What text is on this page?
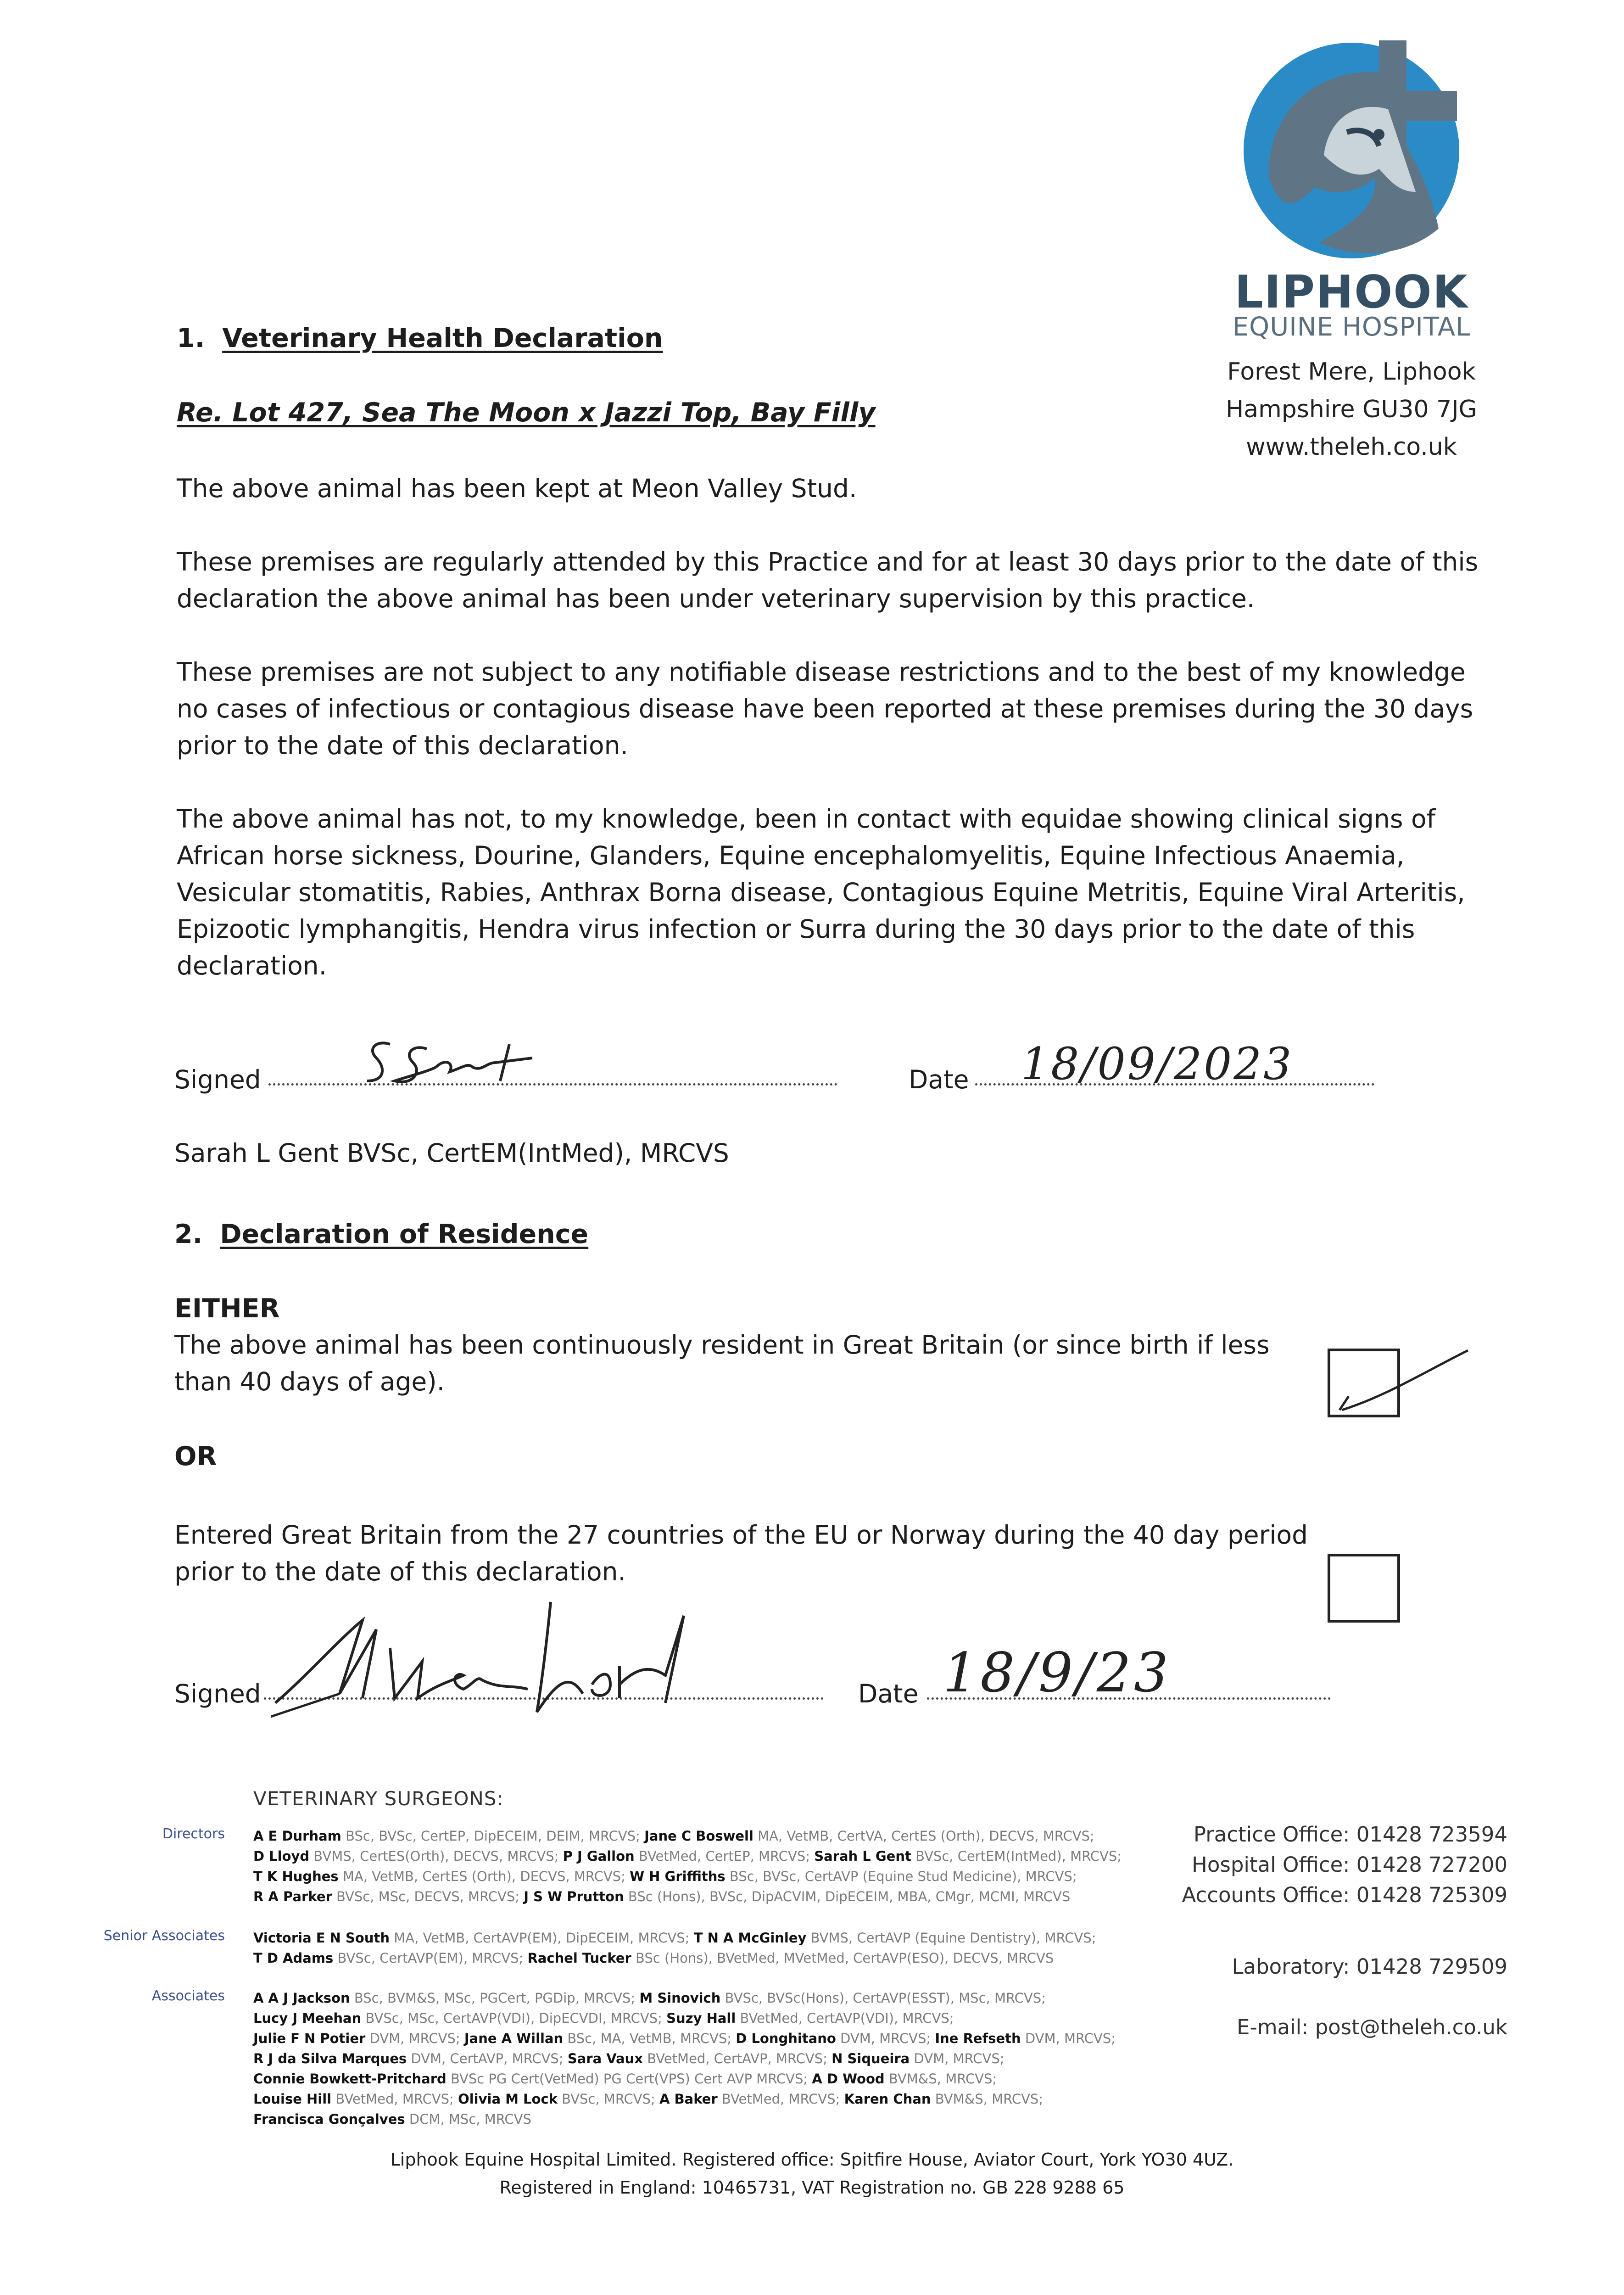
LIPHOOK
EQUINE HOSPITAL
Forest Mere, Liphook
Hampshire GU30 7JG
www.theleh.co.uk
1. Veterinary Health Declaration
Re. Lot 427, Sea The Moon x Jazzi Top, Bay Filly
The above animal has been kept at Meon Valley Stud.
These premises are regularly attended by this Practice and for at least 30 days prior to the date of this declaration the above animal has been under veterinary supervision by this practice.
These premises are not subject to any notifiable disease restrictions and to the best of my knowledge no cases of infectious or contagious disease have been reported at these premises during the 30 days prior to the date of this declaration.
The above animal has not, to my knowledge, been in contact with equidae showing clinical signs of African horse sickness, Dourine, Glanders, Equine encephalomyelitis, Equine Infectious Anaemia, Vesicular stomatitis, Rabies, Anthrax Borna disease, Contagious Equine Metritis, Equine Viral Arteritis, Epizootic lymphangitis, Hendra virus infection or Surra during the 30 days prior to the date of this declaration.
Signed	Date 18/09/2023
Sarah L Gent BVSc, CertEM(IntMed), MRCVS
2. Declaration of Residence
EITHER
The above animal has been continuously resident in Great Britain (or since birth if less than 40 days of age).
OR
Entered Great Britain from the 27 countries of the EU or Norway during the 40 day period prior to the date of this declaration.
Signed	Date 18/9/23
VETERINARY SURGEONS:
Directors
Senior Associates
Associates
A E Durham BSc, BVSc, CertEP, DipECEIM, DEIM, MRCVS; Jane C Boswell MA, VetMB, CertVA, CertES (Orth), DECVS, MRCVS;
D Lloyd BVMS, CertES(Orth), DECVS, MRCVS; P J Gallon BVetMed, CertEP, MRCVS; Sarah L Gent BVSc, CertEM(IntMed), MRCVS;
T K Hughes MA, VetMB, CertES (Orth), DECVS, MRCVS; W H Griffiths BSc, BVSc, CertAVP (Equine Stud Medicine), MRCVS;
R A Parker BVSc, MSc, DECVS, MRCVS; J S W Prutton BSc (Hons), BVSc, DipACVIM, DipECEIM, MBA, CMgr, MCMI, MRCVS
Victoria E N South MA, VetMB, CertAVP(EM), DipECEIM, MRCVS; T N A McGinley BVMS, CertAVP (Equine Dentistry), MRCVS;
T D Adams BVSc, CertAVP(EM), MRCVS; Rachel Tucker BSc (Hons), BVetMed, MVetMed, CertAVP(ESO), DECVS, MRCVS
A A J Jackson BSc, BVM&S, MSc, PGCert, PGDip, MRCVS; M Sinovich BVSc, BVSc(Hons), CertAVP(ESST), MSc, MRCVS;
Lucy J Meehan BVSc, MSc, CertAVP(VDI), DipECVDI, MRCVS; Suzy Hall BVetMed, CertAVP(VDI), MRCVS;
Julie F N Potier DVM, MRCVS; Jane A Willan BSc, MA, VetMB, MRCVS; D Longhitano DVM, MRCVS; Ine Refseth DVM, MRCVS;
R J da Silva Marques DVM, CertAVP, MRCVS; Sara Vaux BVetMed, CertAVP, MRCVS; N Siqueira DVM, MRCVS;
Connie Bowkett-Pritchard BVSc PG Cert(VetMed) PG Cert(VPS) Cert AVP MRCVS; A D Wood BVM&S, MRCVS;
Louise Hill BVetMed, MRCVS; Olivia M Lock BVSc, MRCVS; A Baker BVetMed, MRCVS; Karen Chan BVM&S, MRCVS;
Francisca Gonçalves DCM, MSc, MRCVS
Practice Office: 01428 723594
Hospital Office: 01428 727200
Accounts Office: 01428 725309
Laboratory: 01428 729509
E-mail: post@theleh.co.uk
Liphook Equine Hospital Limited. Registered office: Spitfire House, Aviator Court, York YO30 4UZ.
Registered in England: 10465731, VAT Registration no. GB 228 9288 65
